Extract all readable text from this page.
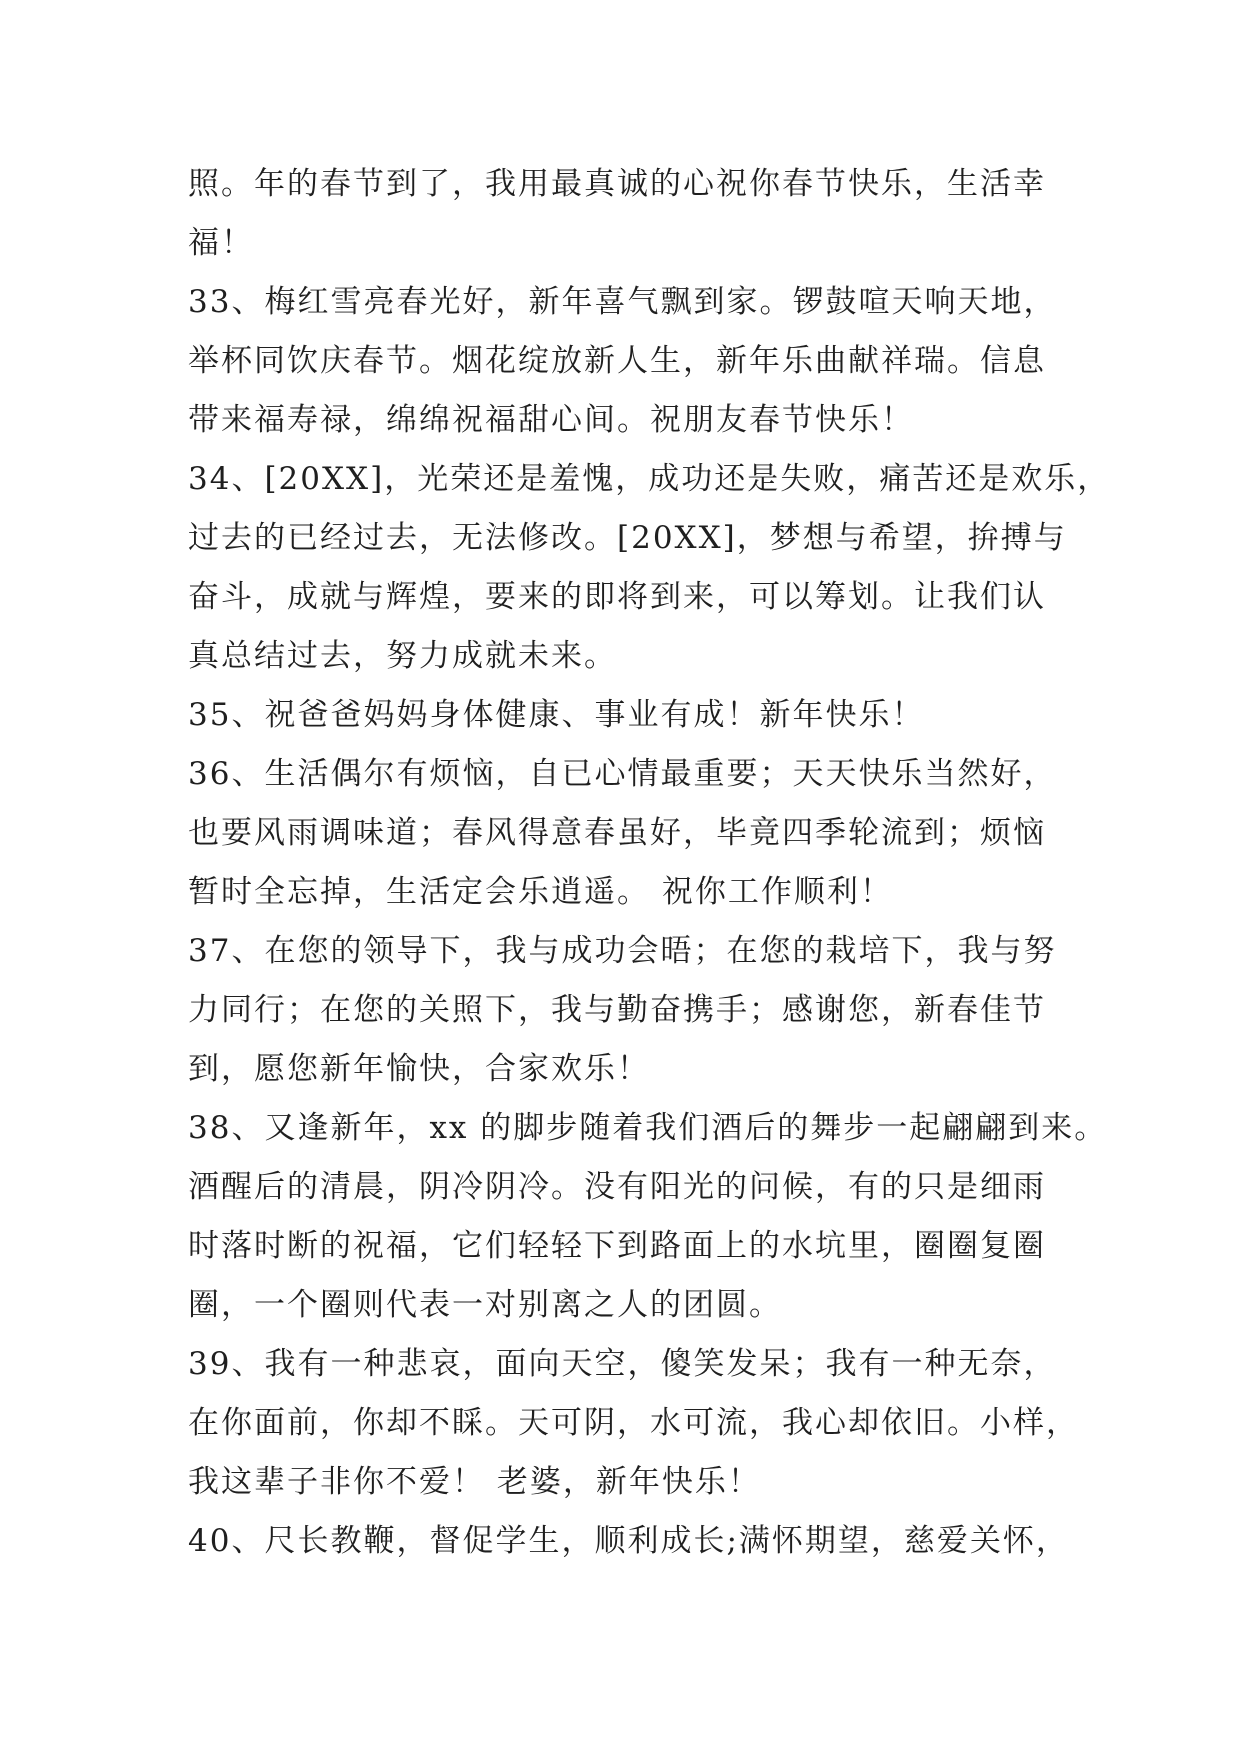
照。年的春节到了，我用最真诚的心祝你春节快乐，生活幸
福！
33、梅红雪亮春光好，新年喜气飘到家。锣鼓喧天响天地，
举杯同饮庆春节。烟花绽放新人生，新年乐曲献祥瑞。信息
带来福寿禄，绵绵祝福甜心间。祝朋友春节快乐！
34、[20XX]，光荣还是羞愧，成功还是失败，痛苦还是欢乐，
过去的已经过去，无法修改。[20XX]，梦想与希望，拚搏与
奋斗，成就与辉煌，要来的即将到来，可以筹划。让我们认
真总结过去，努力成就未来。
35、祝爸爸妈妈身体健康、事业有成！新年快乐！
36、生活偶尔有烦恼，自已心情最重要；天天快乐当然好，
也要风雨调味道；春风得意春虽好，毕竟四季轮流到；烦恼
暂时全忘掉，生活定会乐逍遥。 祝你工作顺利！
37、在您的领导下，我与成功会晤；在您的栽培下，我与努
力同行；在您的关照下，我与勤奋携手；感谢您，新春佳节
到，愿您新年愉快，合家欢乐！
38、又逢新年，xx 的脚步随着我们酒后的舞步一起翩翩到来。
酒醒后的清晨，阴冷阴冷。没有阳光的问候，有的只是细雨
时落时断的祝福，它们轻轻下到路面上的水坑里，圈圈复圈
圈，一个圈则代表一对别离之人的团圆。
39、我有一种悲哀，面向天空，傻笑发呆；我有一种无奈，
在你面前，你却不睬。天可阴，水可流，我心却依旧。小样，
我这辈子非你不爱！ 老婆，新年快乐！
40、尺长教鞭，督促学生，顺利成长;满怀期望，慈爱关怀，
